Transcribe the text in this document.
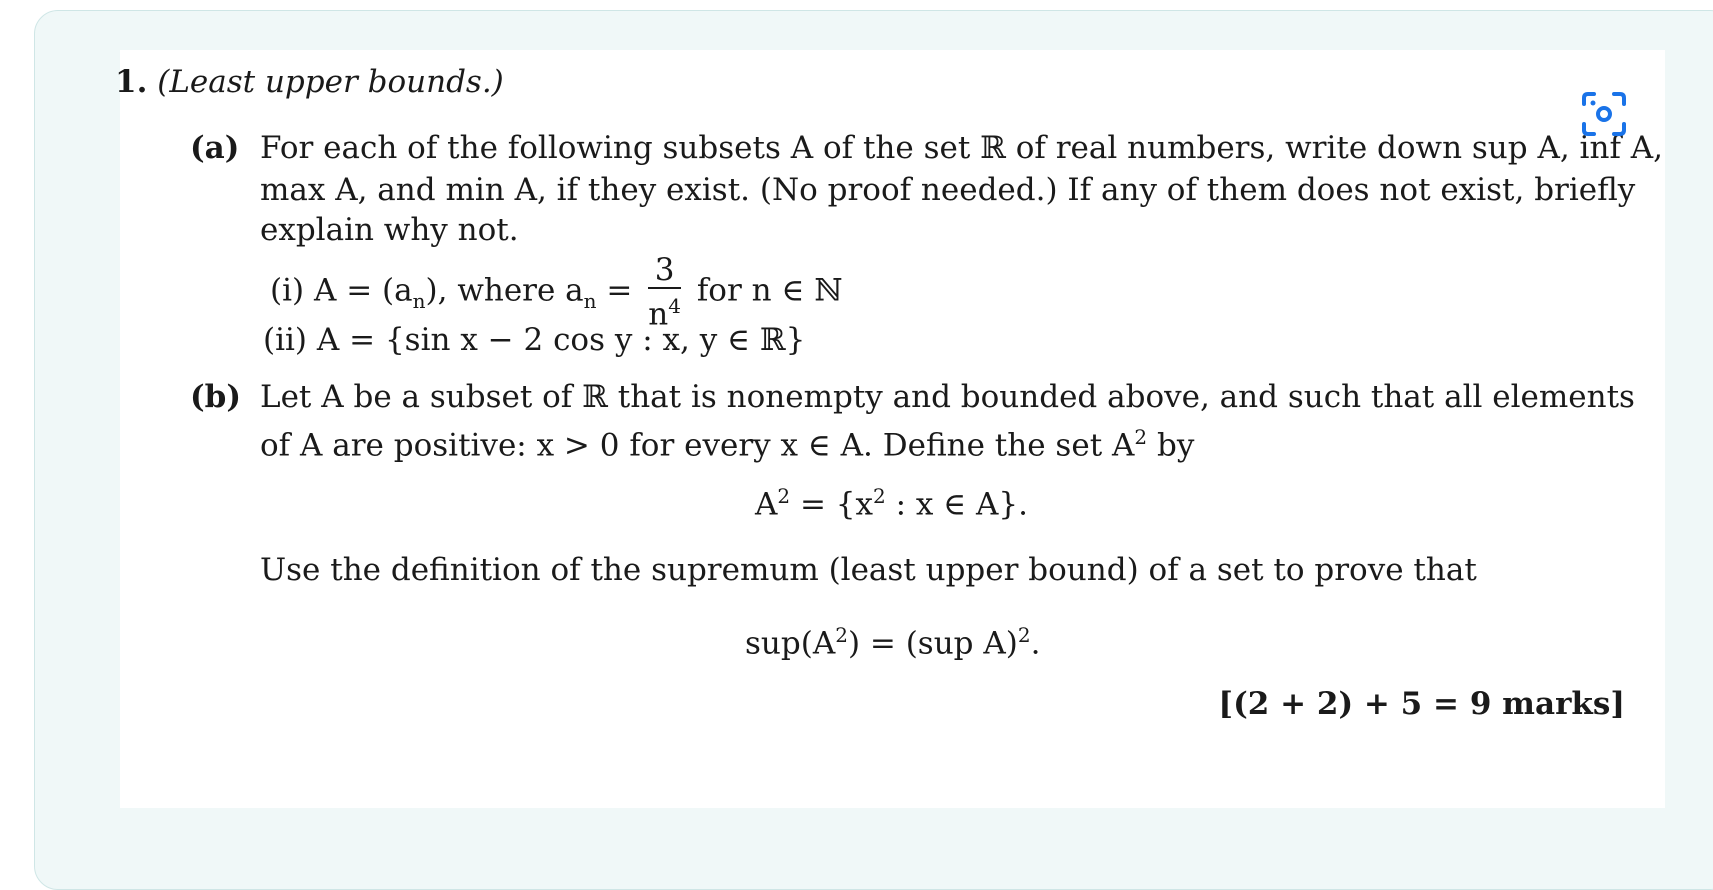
1. (Least upper bounds.)
(a) For each of the following subsets A of the set ℝ of real numbers, write down sup A, inf A,
max A, and min A, if they exist. (No proof needed.) If any of them does not exist, briefly
explain why not.
(i) $A = (a_n)$, where $a_n = \frac{3}{n^4}$ for n ∈ ℕ
(ii) A = {sin x − 2 cos y : x, y ∈ ℝ}
(b) Let A be a subset of ℝ that is nonempty and bounded above, and such that all elements
of A are positive: x > 0 for every x ∈ A. Define the set $A^2$ by
$A^2 = \{x^2$ : x ∈ A}.
Use the definition of the supremum (least upper bound) of a set to prove that
$sup(A^2) = (sup$ A)$^2$.
[(2 + 2) + 5 = 9 marks]
